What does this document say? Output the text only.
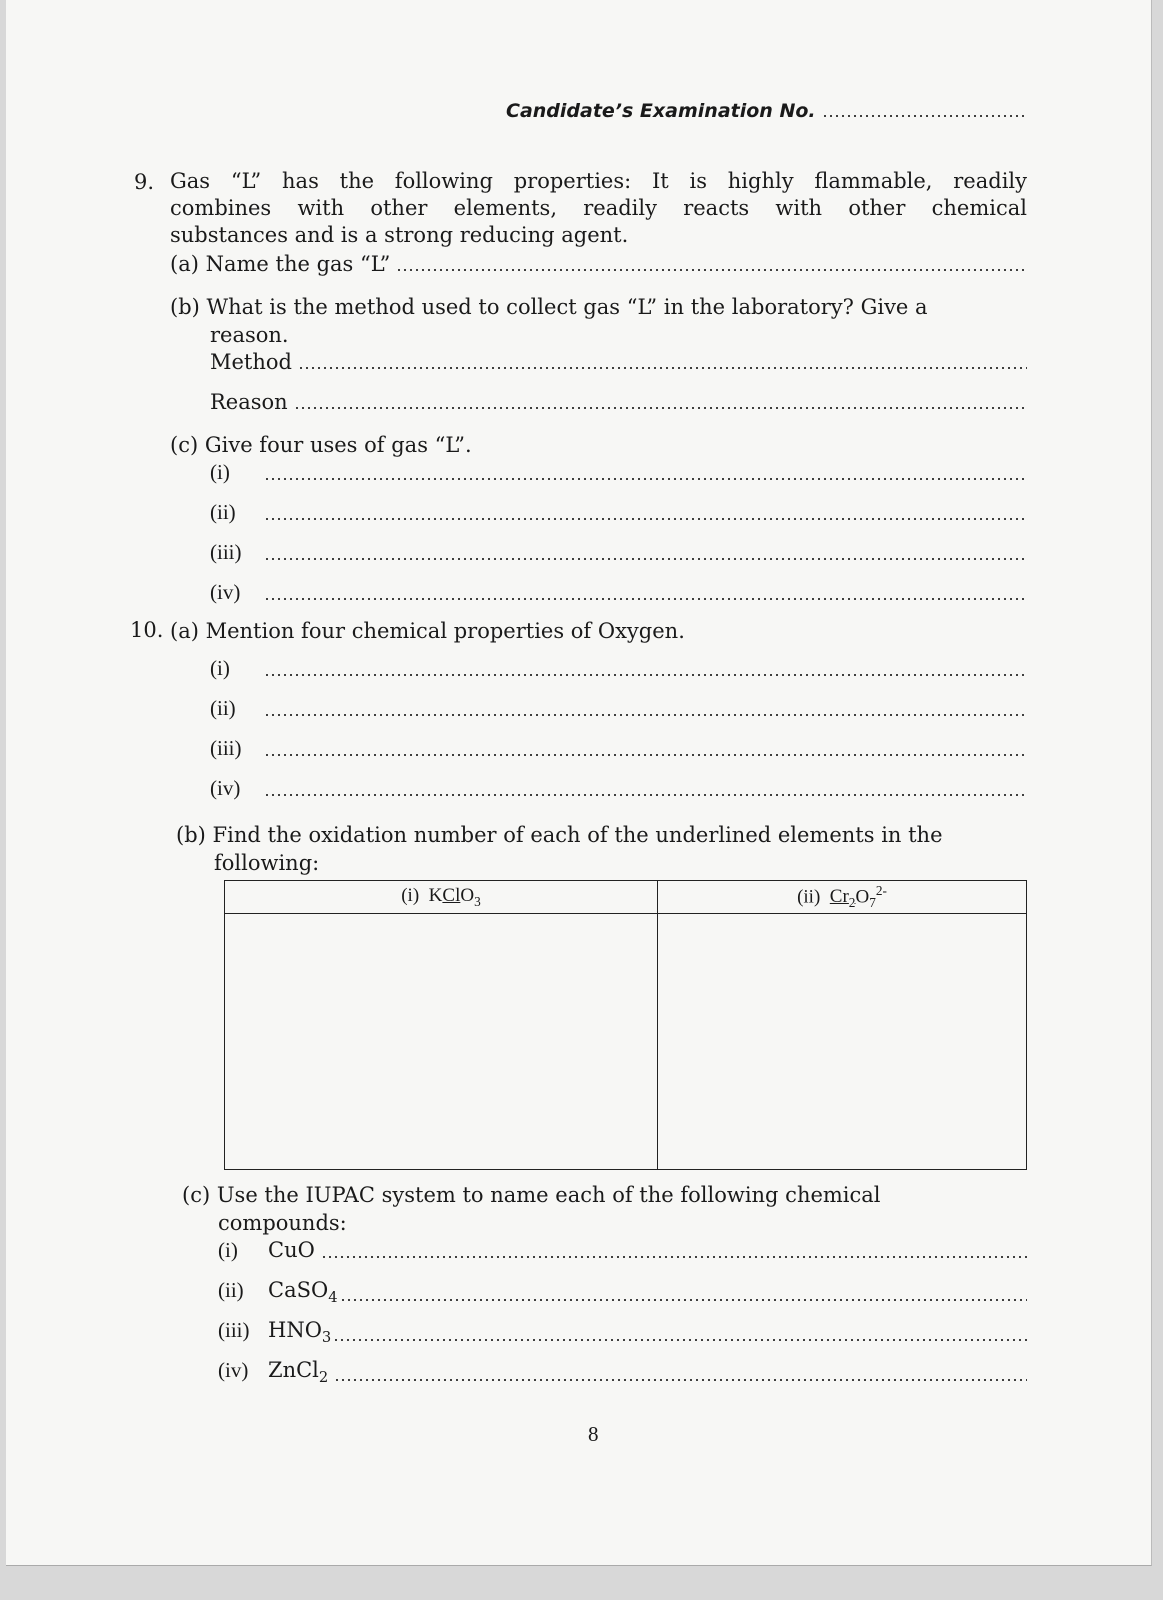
Candidate’s Examination No.
9. Gas “L” has the following properties: It is highly flammable, readily
combines with other elements, readily reacts with other chemical
substances and is a strong reducing agent.
(a)
Name the gas “L”
(b) What is the method used to collect gas “L” in the laboratory? Give a
reason.
Method
Reason
(c) Give four uses of gas “L”.
(i)
(ii)
(iii)
(iv)
10. (a) Mention four chemical properties of Oxygen.
(i)
(ii)
(iii)
(iv)
(b) Find the oxidation number of each of the underlined elements in the
following:
(i) KClO$_3$	(ii) $Cr_2O_7^{2-}$

(c) Use the IUPAC system to name each of the following chemical
compounds:
(i)	CuO
(ii)	CaSO$_4$
(iii) $HNO_3$
(iv) ZnCl$_2$
8
